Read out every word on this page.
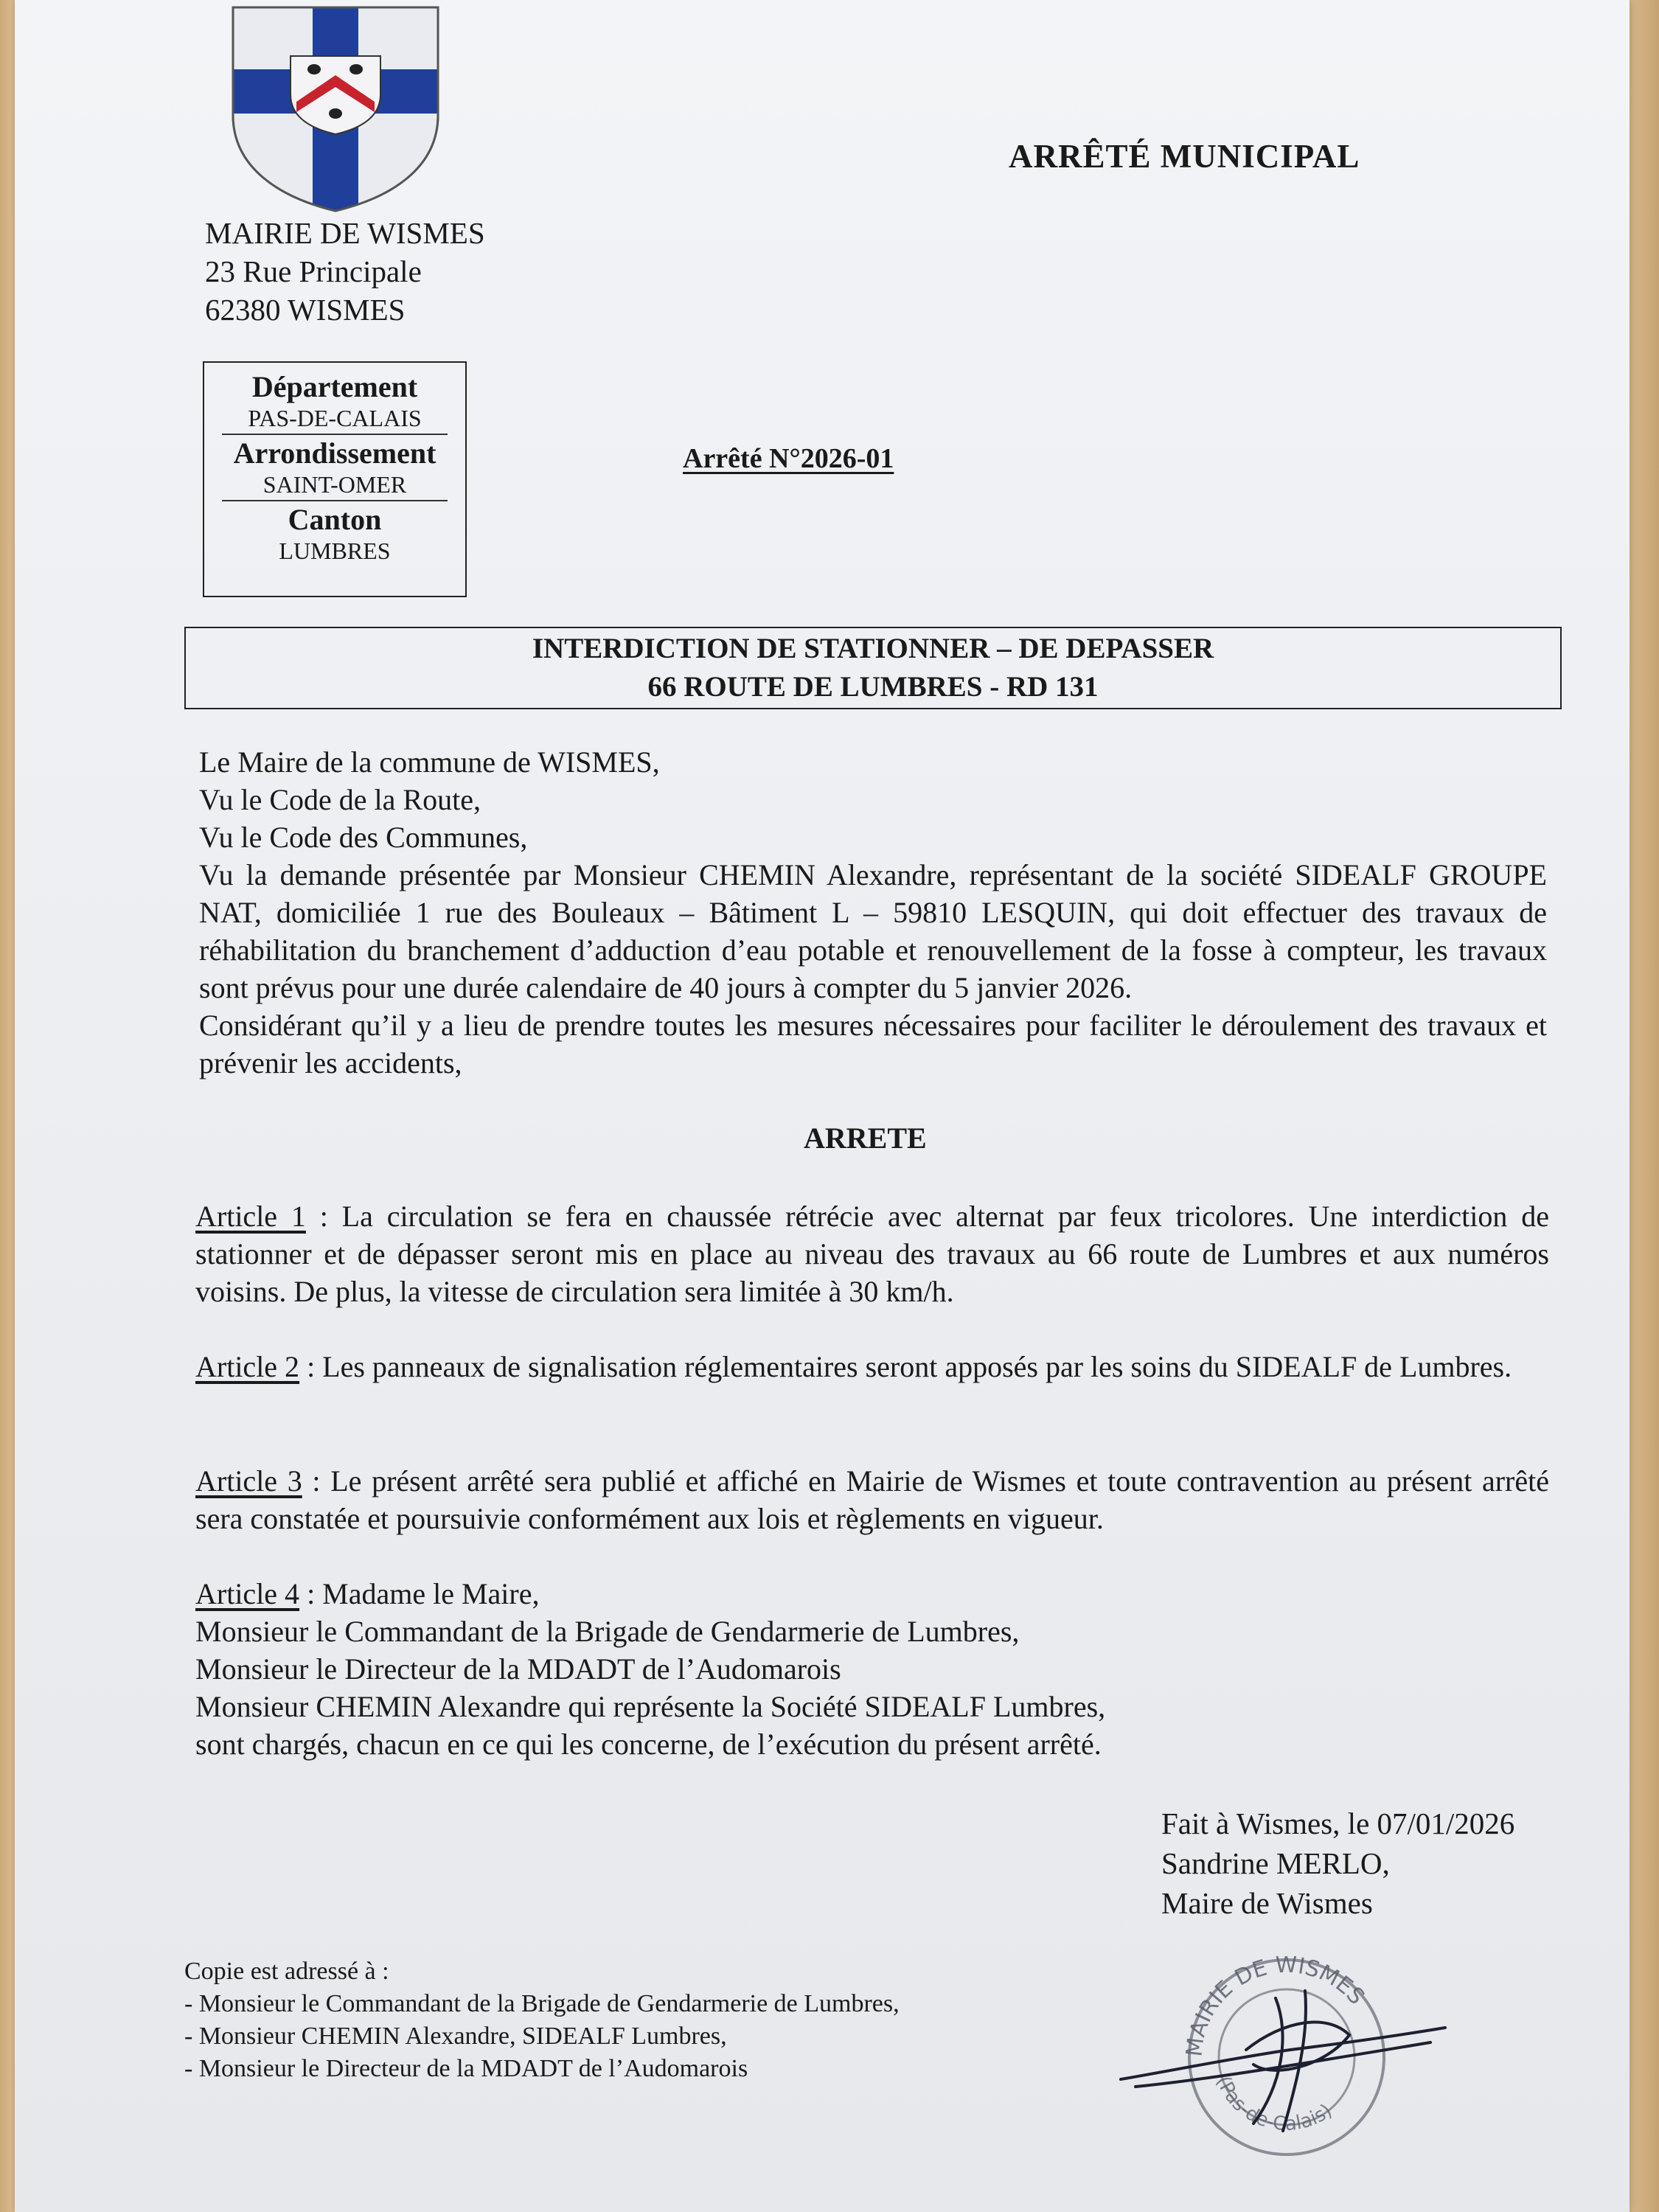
MAIRIE DE WISMES
23 Rue Principale
62380 WISMES
ARRÊTÉ MUNICIPAL
Département
PAS-DE-CALAIS
Arrondissement
SAINT-OMER
Canton
LUMBRES
Arrêté N°2026-01
INTERDICTION DE STATIONNER – DE DEPASSER
66 ROUTE DE LUMBRES - RD 131

Le Maire de la commune de WISMES,

Vu le Code de la Route,

Vu le Code des Communes,

Vu la demande présentée par Monsieur CHEMIN Alexandre, représentant de la société SIDEALF GROUPE NAT, domiciliée 1 rue des Bouleaux – Bâtiment L – 59810 LESQUIN, qui doit effectuer des travaux de réhabilitation du branchement d’adduction d’eau potable et renouvellement de la fosse à compteur, les travaux sont prévus pour une durée calendaire de 40 jours à compter du 5 janvier 2026.

Considérant qu’il y a lieu de prendre toutes les mesures nécessaires pour faciliter le déroulement des travaux et prévenir les accidents,

ARRETE
Article 1 : La circulation se fera en chaussée rétrécie avec alternat par feux tricolores. Une interdiction de stationner et de dépasser seront mis en place au niveau des travaux au 66 route de Lumbres et aux numéros voisins. De plus, la vitesse de circulation sera limitée à 30 km/h.
Article 2 : Les panneaux de signalisation réglementaires seront apposés par les soins du SIDEALF de Lumbres.
Article 3 : Le présent arrêté sera publié et affiché en Mairie de Wismes et toute contravention au présent arrêté sera constatée et poursuivie conformément aux lois et règlements en vigueur.

Article 4 : Madame le Maire,

Monsieur le Commandant de la Brigade de Gendarmerie de Lumbres,

Monsieur le Directeur de la MDADT de l’Audomarois

Monsieur CHEMIN Alexandre qui représente la Société SIDEALF Lumbres,

sont chargés, chacun en ce qui les concerne, de l’exécution du présent arrêté.

Fait à Wismes, le 07/01/2026
Sandrine MERLO,
Maire de Wismes
Copie est adressé à :
- Monsieur le Commandant de la Brigade de Gendarmerie de Lumbres,
- Monsieur CHEMIN Alexandre, SIDEALF Lumbres,
- Monsieur le Directeur de la MDADT de l’Audomarois
MAIRIE DE WISMES
(Pas-de-Calais)
